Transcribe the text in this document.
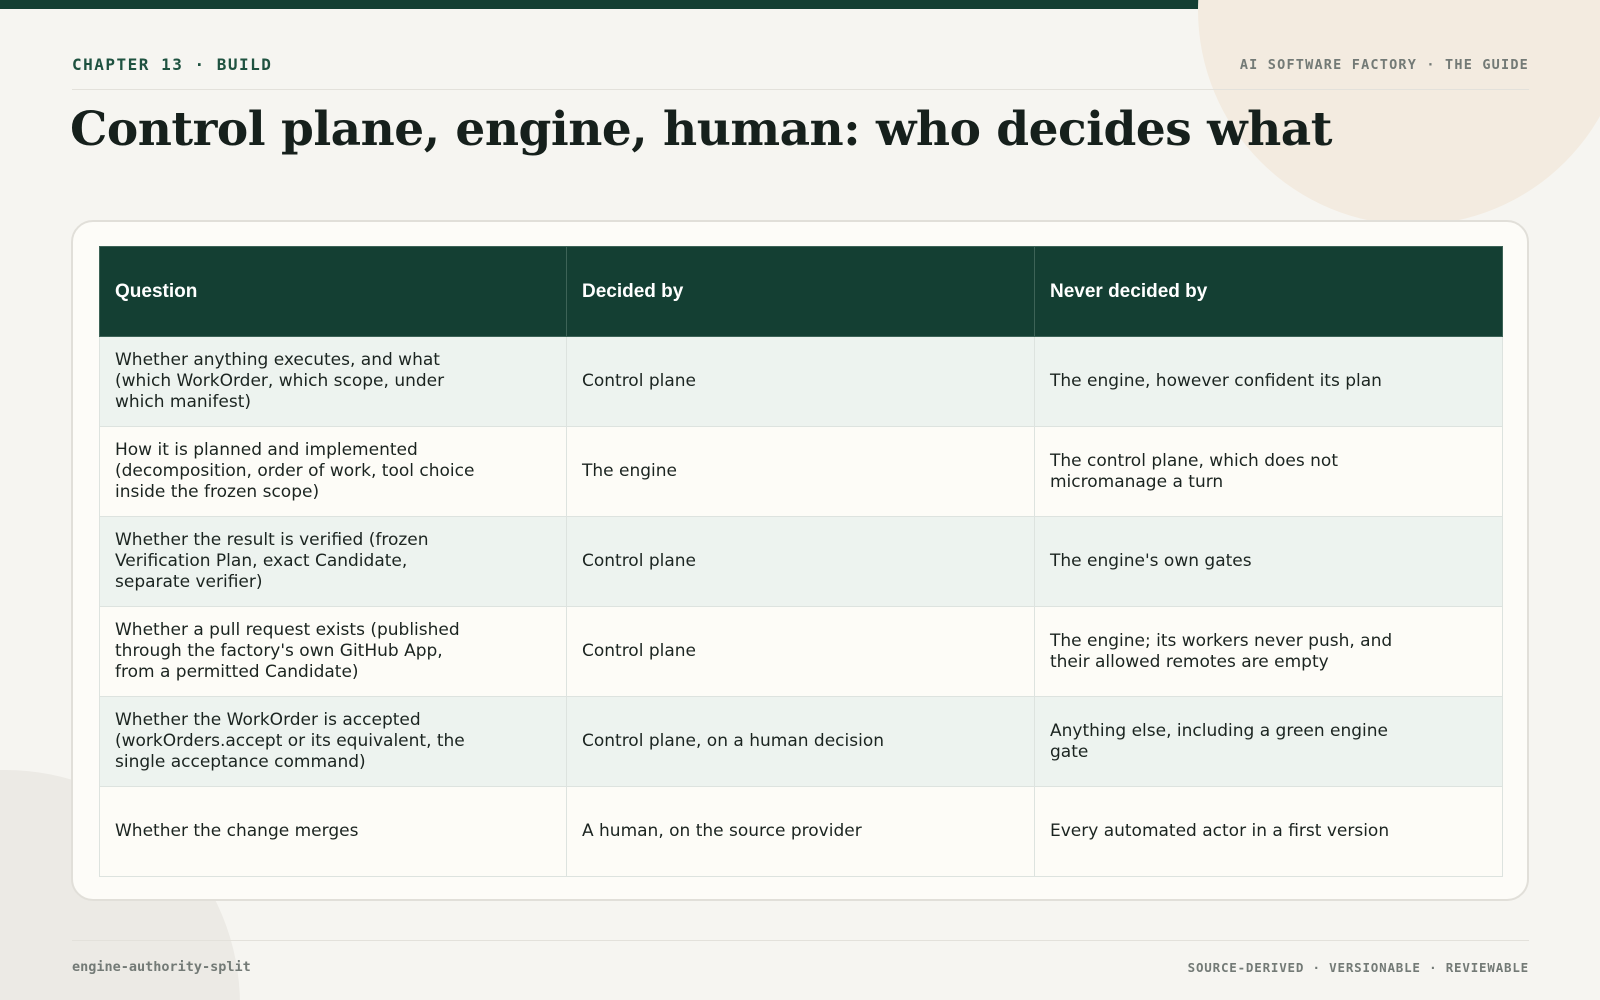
CHAPTER 13 · BUILD	AI SOFTWARE FACTORY · THE GUIDE
Control plane, engine, human: who decides what
Question	Decided by	Never decided by

Whether anything executes, and what (which WorkOrder, which scope, under which manifest)	Control plane	The engine, however confident its plan

How it is planned and implemented (decomposition, order of work, tool choice inside the frozen scope)	The engine	The control plane, which does not micromanage a turn

Whether the result is verified (frozen Verification Plan, exact Candidate, separate verifier)	Control plane	The engine's own gates

Whether a pull request exists (published through the factory's own GitHub App, from a permitted Candidate)	Control plane	The engine; its workers never push, and their allowed remotes are empty

Whether the WorkOrder is accepted (workOrders.accept or its equivalent, the single acceptance command)	Control plane, on a human decision	Anything else, including a green engine gate

Whether the change merges	A human, on the source provider	Every automated actor in a first version
engine-authority-split	SOURCE-DERIVED · VERSIONABLE · REVIEWABLE
